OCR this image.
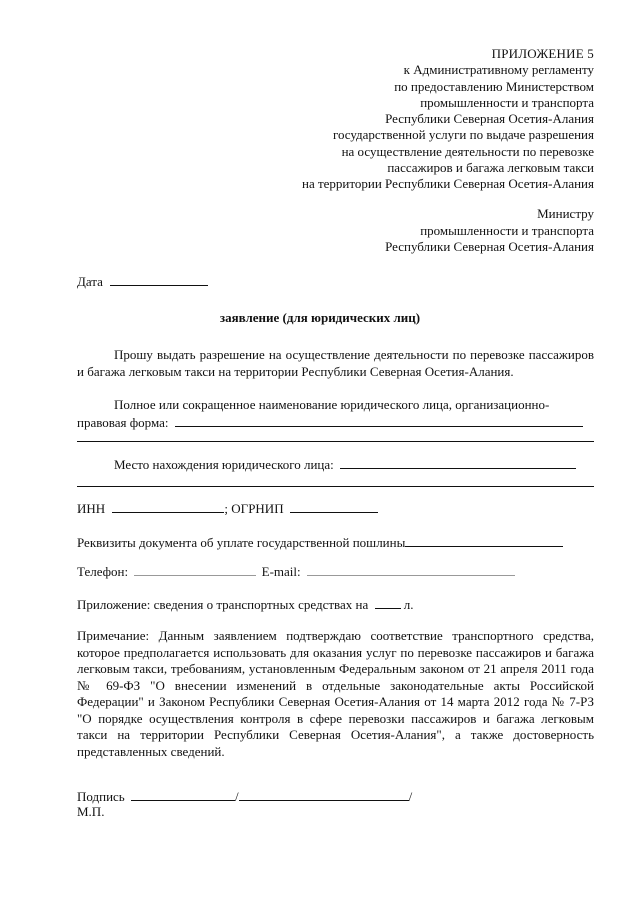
ПРИЛОЖЕНИЕ 5
к Административному регламенту
по предоставлению Министерством
промышленности и транспорта
Республики Северная Осетия-Алания
государственной услуги по выдаче разрешения
на осуществление деятельности по перевозке
пассажиров и багажа легковым такси
на территории Республики Северная Осетия-Алания
Министру
промышленности и транспорта
Республики Северная Осетия-Алания
Дата
заявление (для юридических лиц)
Прошу выдать разрешение на осуществление деятельности по перевозке пассажиров и багажа легковым такси на территории Республики Северная Осетия-Алания.
Полное или сокращенное наименование юридического лица, организационно-
правовая форма:
Место нахождения юридического лица:
ИНН	; ОГРНИП
Реквизиты документа об уплате государственной пошлины
Телефон:	E-mail:
Приложение: сведения о транспортных средствах на	л.
Примечание: Данным заявлением подтверждаю соответствие транспортного средства, которое предполагается использовать для оказания услуг по перевозке пассажиров и багажа легковым такси, требованиям, установленным Федеральным законом от 21 апреля 2011 года № 69-ФЗ "О внесении изменений в отдельные законодательные акты Российской Федерации" и Законом Республики Северная Осетия-Алания от 14 марта 2012 года № 7-РЗ "О порядке осуществления контроля в сфере перевозки пассажиров и багажа легковым такси на территории Республики Северная Осетия-Алания", а также достоверность представленных сведений.
Подпись	/	/
М.П.
